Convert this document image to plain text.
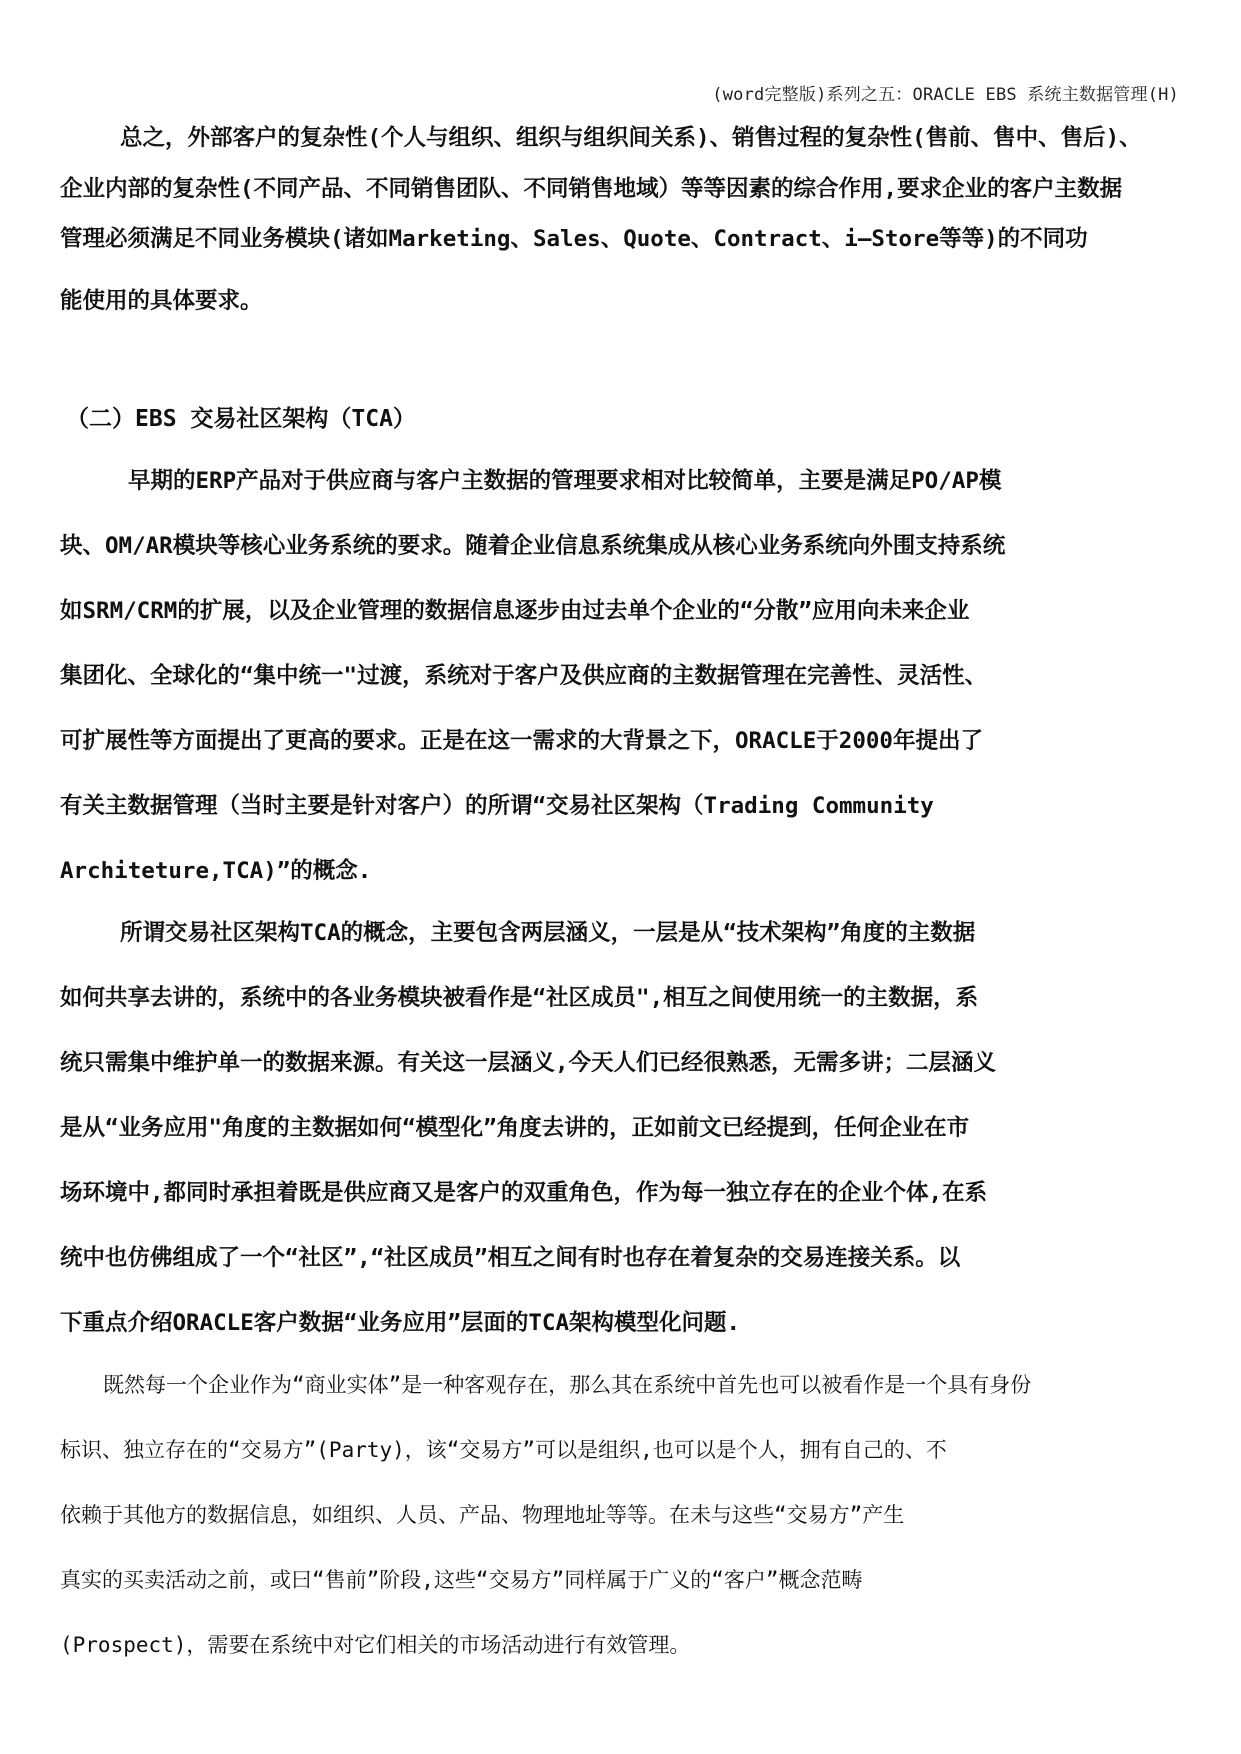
(word完整版)系列之五：ORACLE EBS 系统主数据管理(H)
总之，外部客户的复杂性(个人与组织、组织与组织间关系)、销售过程的复杂性(售前、售中、售后)、
企业内部的复杂性(不同产品、不同销售团队、不同销售地域）等等因素的综合作用,要求企业的客户主数据
管理必须满足不同业务模块(诸如Marketing、Sales、Quote、Contract、i—Store等等)的不同功
能使用的具体要求。
（二）EBS 交易社区架构（TCA）
早期的ERP产品对于供应商与客户主数据的管理要求相对比较简单，主要是满足PO/AP模
块、OM/AR模块等核心业务系统的要求。随着企业信息系统集成从核心业务系统向外围支持系统
如SRM/CRM的扩展，以及企业管理的数据信息逐步由过去单个企业的“分散”应用向未来企业
集团化、全球化的“集中统一"过渡，系统对于客户及供应商的主数据管理在完善性、灵活性、
可扩展性等方面提出了更高的要求。正是在这一需求的大背景之下，ORACLE于2000年提出了
有关主数据管理（当时主要是针对客户）的所谓“交易社区架构（Trading Community
Architeture,TCA)”的概念.
所谓交易社区架构TCA的概念，主要包含两层涵义，一层是从“技术架构”角度的主数据
如何共享去讲的，系统中的各业务模块被看作是“社区成员",相互之间使用统一的主数据，系
统只需集中维护单一的数据来源。有关这一层涵义,今天人们已经很熟悉，无需多讲；二层涵义
是从“业务应用"角度的主数据如何“模型化”角度去讲的，正如前文已经提到，任何企业在市
场环境中,都同时承担着既是供应商又是客户的双重角色，作为每一独立存在的企业个体,在系
统中也仿佛组成了一个“社区”,“社区成员”相互之间有时也存在着复杂的交易连接关系。以
下重点介绍ORACLE客户数据“业务应用”层面的TCA架构模型化问题.
既然每一个企业作为“商业实体”是一种客观存在，那么其在系统中首先也可以被看作是一个具有身份
标识、独立存在的“交易方”(Party)，该“交易方”可以是组织,也可以是个人，拥有自己的、不
依赖于其他方的数据信息，如组织、人员、产品、物理地址等等。在未与这些“交易方”产生
真实的买卖活动之前，或曰“售前”阶段,这些“交易方”同样属于广义的“客户”概念范畴
(Prospect)，需要在系统中对它们相关的市场活动进行有效管理。
